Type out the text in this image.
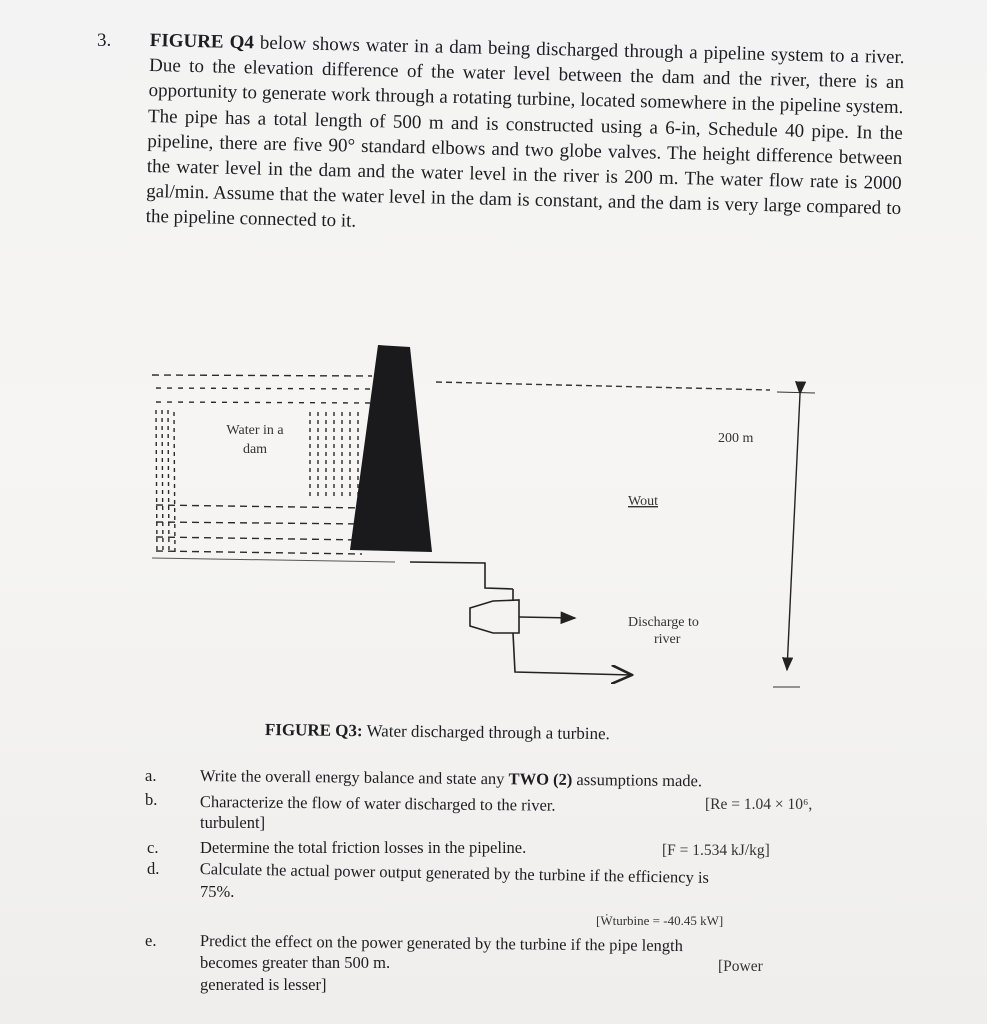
3. FIGURE Q4 below shows water in a dam being discharged through a pipeline system to a river. Due to the elevation difference of the water level between the dam and the river, there is an opportunity to generate work through a rotating turbine, located somewhere in the pipeline system. The pipe has a total length of 500 m and is constructed using a 6-in, Schedule 40 pipe. In the pipeline, there are five 90° standard elbows and two globe valves. The height difference between the water level in the dam and the water level in the river is 200 m. The water flow rate is 2000 gal/min. Assume that the water level in the dam is constant, and the dam is very large compared to the pipeline connected to it.
Water in a
dam
200 m
Wout
Discharge to
river
FIGURE Q3: Water discharged through a turbine.
a.	Write the overall energy balance and state any TWO (2) assumptions made.
b.	Characterize the flow of water discharged to the river.	[Re = 1.04 × 10⁶,
turbulent]
c.	Determine the total friction losses in the pipeline.	[F = 1.534 kJ/kg]
d. Calculate the actual power output generated by the turbine if the efficiency is
75%.
[Ẇturbine = -40.45 kW]
e.	Predict the effect on the power generated by the turbine if the pipe length
becomes greater than 500 m.	[Power
generated is lesser]
